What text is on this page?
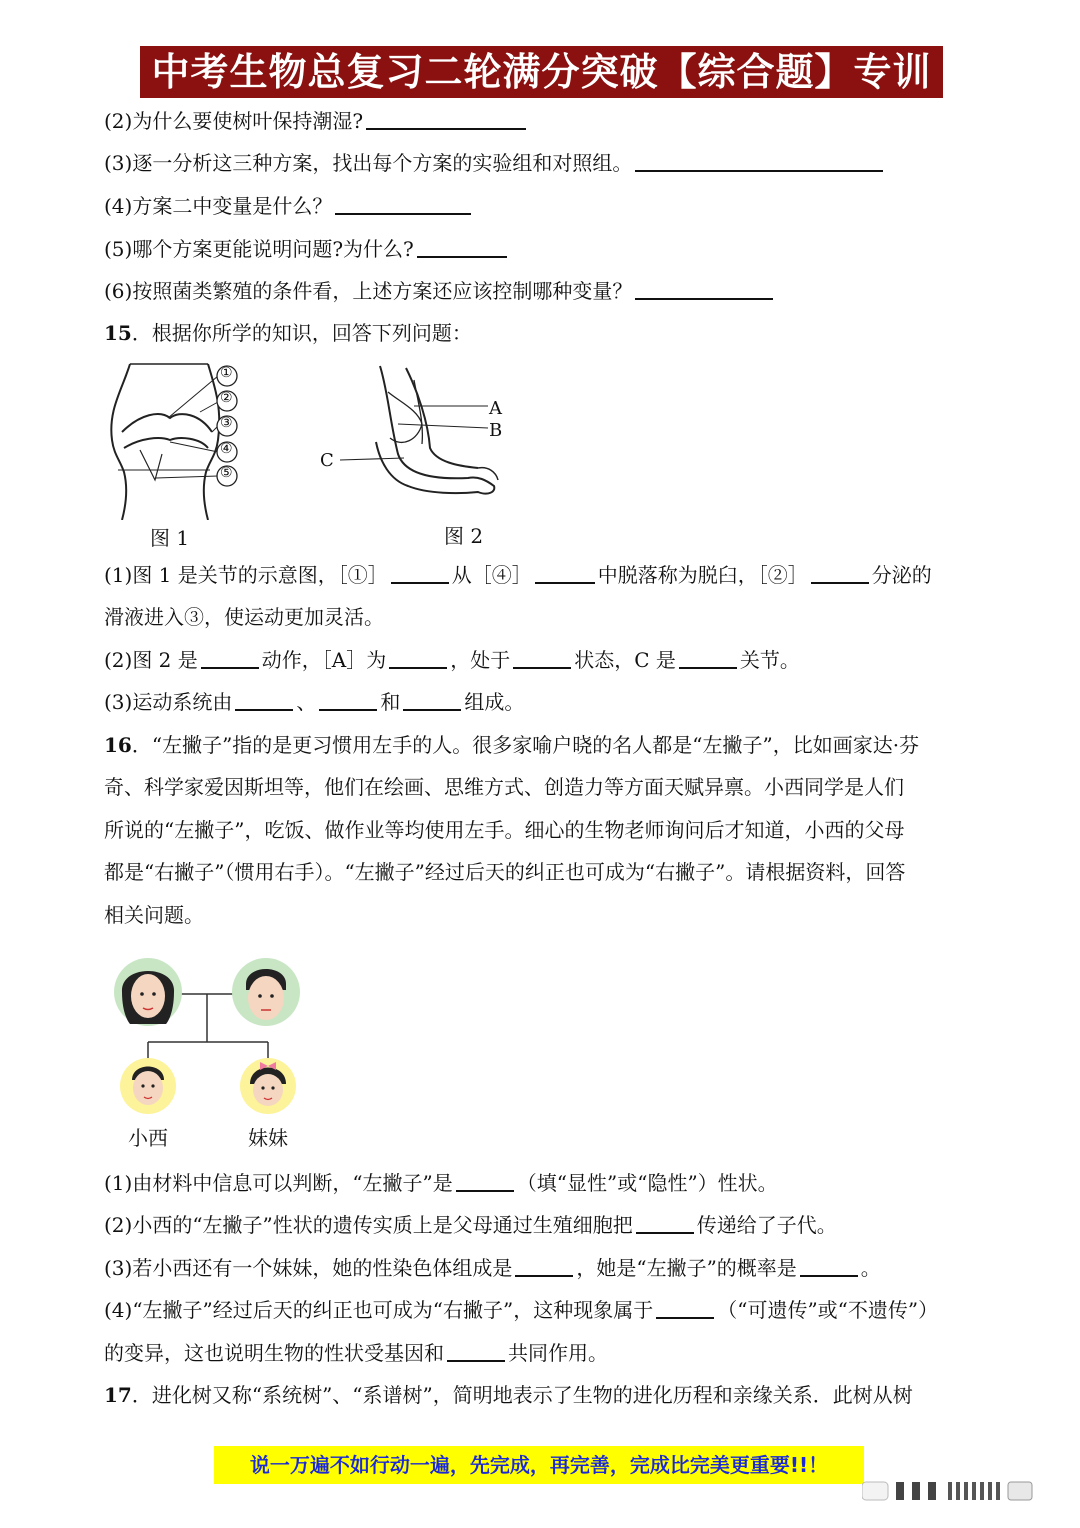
中考生物总复习二轮满分突破【综合题】专训
(2)为什么要使树叶保持潮湿?
(3)逐一分析这三种方案，找出每个方案的实验组和对照组。
(4)方案二中变量是什么？
(5)哪个方案更能说明问题?为什么?
(6)按照菌类繁殖的条件看，上述方案还应该控制哪种变量？
15．根据你所学的知识，回答下列问题：
①
②
③
④
⑤
图 1
A
B
C
图 2
(1)图 1 是关节的示意图，［①］	从［④］	中脱落称为脱臼，［②］	分泌的
滑液进入③，使运动更加灵活。
(2)图 2 是	动作，［A］为	，处于	状态，C 是	关节。
(3)运动系统由	、	和	组成。
16．“左撇子”指的是更习惯用左手的人。很多家喻户晓的名人都是“左撇子”，比如画家达·芬
奇、科学家爱因斯坦等，他们在绘画、思维方式、创造力等方面天赋异禀。小西同学是人们
所说的“左撇子”，吃饭、做作业等均使用左手。细心的生物老师询问后才知道，小西的父母
都是“右撇子”（惯用右手）。“左撇子”经过后天的纠正也可成为“右撇子”。请根据资料，回答
相关问题。
小西	妹妹
(1)由材料中信息可以判断，“左撇子”是	（填“显性”或“隐性”）性状。
(2)小西的“左撇子”性状的遗传实质上是父母通过生殖细胞把	传递给了子代。
(3)若小西还有一个妹妹，她的性染色体组成是	，她是“左撇子”的概率是	。
(4)“左撇子”经过后天的纠正也可成为“右撇子”，这种现象属于	（“可遗传”或“不遗传”）
的变异，这也说明生物的性状受基因和	共同作用。
17．进化树又称“系统树”、“系谱树”，简明地表示了生物的进化历程和亲缘关系．此树从树
说一万遍不如行动一遍，先完成，再完善，完成比完美更重要!!！
